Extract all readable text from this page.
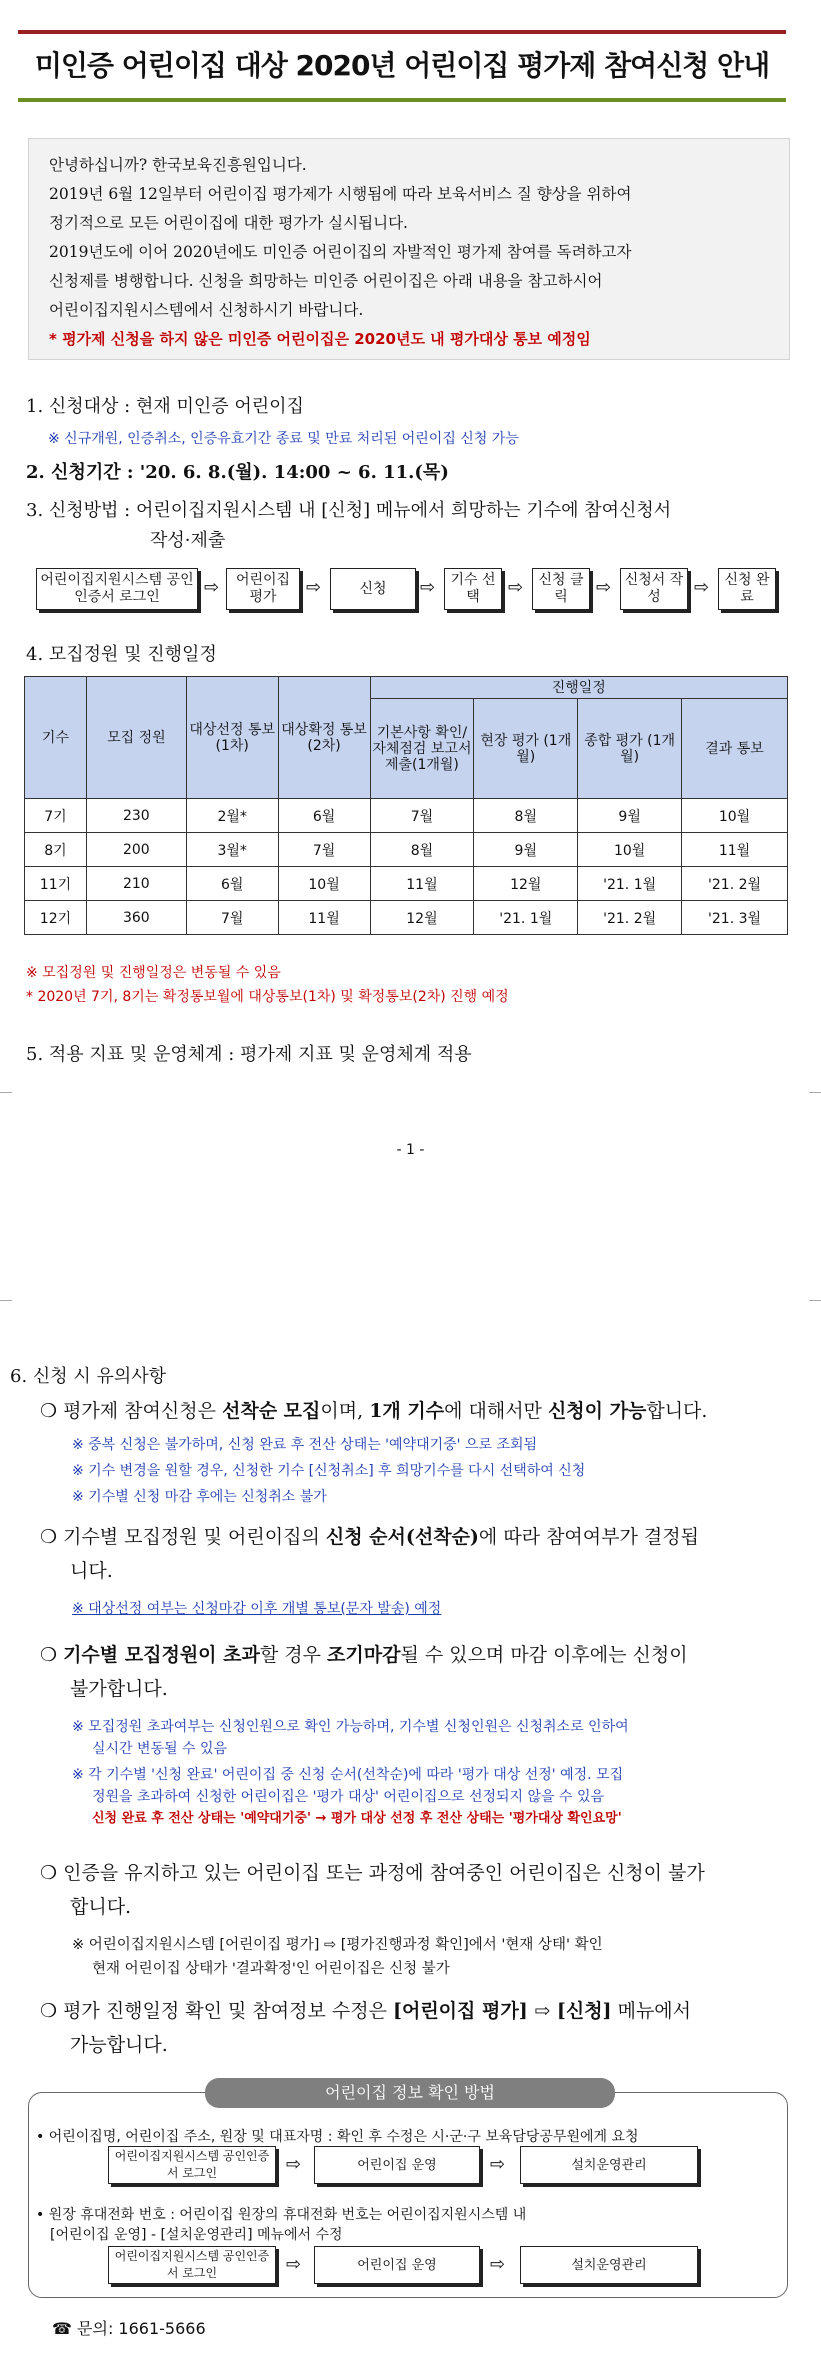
미인증 어린이집 대상 2020년 어린이집 평가제 참여신청 안내

안녕하십니까? 한국보육진흥원입니다.

2019년 6월 12일부터 어린이집 평가제가 시행됨에 따라 보육서비스 질 향상을 위하여

정기적으로 모든 어린이집에 대한 평가가 실시됩니다.

2019년도에 이어 2020년에도 미인증 어린이집의 자발적인 평가제 참여를 독려하고자

신청제를 병행합니다. 신청을 희망하는 미인증 어린이집은 아래 내용을 참고하시어

어린이집지원시스템에서 신청하시기 바랍니다.

* 평가제 신청을 하지 않은 미인증 어린이집은 2020년도 내 평가대상 통보 예정임

1. 신청대상 : 현재 미인증 어린이집
※ 신규개원, 인증취소, 인증유효기간 종료 및 만료 처리된 어린이집 신청 가능
2. 신청기간 : '20. 6. 8.(월). 14:00 ~ 6. 11.(목)
3. 신청방법 : 어린이집지원시스템 내 [신청] 메뉴에서 희망하는 기수에 참여신청서
작성·제출
어린이집지원시스템 공인인증서 로그인	⇨	어린이집 평가	⇨	신청	⇨	기수 선택	⇨	신청 클릭	⇨ 신청서 작성	⇨	신청 완료
4. 모집정원 및 진행일정
기수	모집 정원	대상선정 통보(1차)	대상확정 통보(2차)	진행일정			
				기본사항 확인/ 자체점검 보고서 제출(1개월)	현장 평가 (1개월)	종합 평가 (1개월)	결과 통보
7기	230	2월*	6월	7월	8월	9월	10월
8기	200	3월*	7월	8월	9월	10월	11월
11기	210	6월	10월	11월	12월	'21. 1월	'21. 2월
12기	360	7월	11월	12월	'21. 1월	'21. 2월	'21. 3월
※ 모집정원 및 진행일정은 변동될 수 있음
* 2020년 7기, 8기는 확정통보월에 대상통보(1차) 및 확정통보(2차) 진행 예정
5. 적용 지표 및 운영체계 : 평가제 지표 및 운영체계 적용
- 1 -
6. 신청 시 유의사항
❍ 평가제 참여신청은 선착순 모집이며, 1개 기수에 대해서만 신청이 가능합니다.
※ 중복 신청은 불가하며, 신청 완료 후 전산 상태는 '예약대기중' 으로 조회됨
※ 기수 변경을 원할 경우, 신청한 기수 [신청취소] 후 희망기수를 다시 선택하여 신청
※ 기수별 신청 마감 후에는 신청취소 불가
❍ 기수별 모집정원 및 어린이집의 신청 순서(선착순)에 따라 참여여부가 결정됩
니다.
※ 대상선정 여부는 신청마감 이후 개별 통보(문자 발송) 예정
❍ 기수별 모집정원이 초과할 경우 조기마감될 수 있으며 마감 이후에는 신청이
불가합니다.
※ 모집정원 초과여부는 신청인원으로 확인 가능하며, 기수별 신청인원은 신청취소로 인하여
실시간 변동될 수 있음
※ 각 기수별 '신청 완료' 어린이집 중 신청 순서(선착순)에 따라 '평가 대상 선정' 예정. 모집
정원을 초과하여 신청한 어린이집은 '평가 대상' 어린이집으로 선정되지 않을 수 있음
신청 완료 후 전산 상태는 '예약대기중' → 평가 대상 선정 후 전산 상태는 '평가대상 확인요망'
❍ 인증을 유지하고 있는 어린이집 또는 과정에 참여중인 어린이집은 신청이 불가
합니다.
※ 어린이집지원시스템 [어린이집 평가] ⇨ [평가진행과정 확인]에서 '현재 상태' 확인
현재 어린이집 상태가 '결과확정'인 어린이집은 신청 불가
❍ 평가 진행일정 확인 및 참여정보 수정은 [어린이집 평가] ⇨ [신청] 메뉴에서
가능합니다.
어린이집 정보 확인 방법
• 어린이집명, 어린이집 주소, 원장 및 대표자명 : 확인 후 수정은 시·군·구 보육담당공무원에게 요청
어린이집지원시스템 공인인증서 로그인	⇨	어린이집 운영	⇨	설치운영관리
• 원장 휴대전화 번호 : 어린이집 원장의 휴대전화 번호는 어린이집지원시스템 내
[어린이집 운영] - [설치운영관리] 메뉴에서 수정
어린이집지원시스템 공인인증서 로그인	⇨	어린이집 운영	⇨	설치운영관리
☎ 문의: 1661-5666
